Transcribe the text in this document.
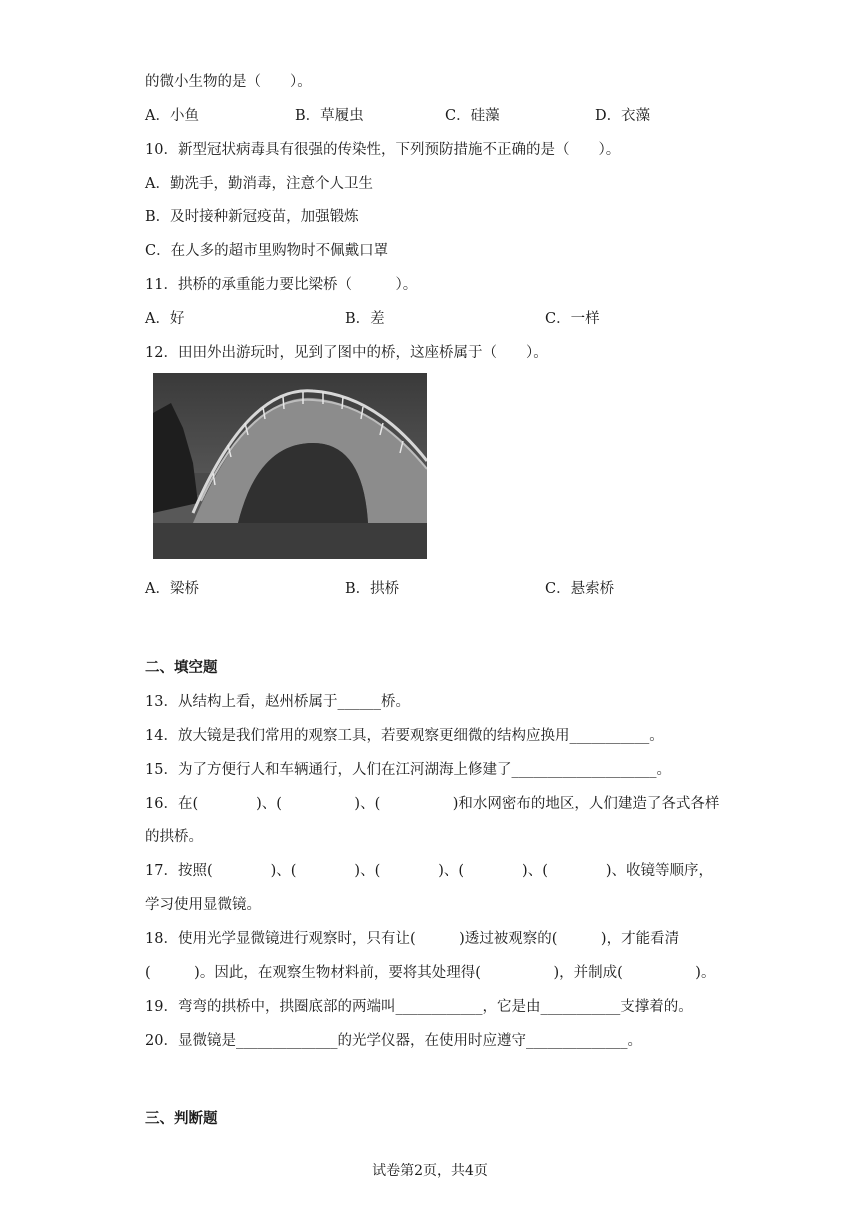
的微小生物的是（　　）。
A．小鱼	B．草履虫	C．硅藻	D．衣藻
10．新型冠状病毒具有很强的传染性，下列预防措施不正确的是（　　）。
A．勤洗手，勤消毒，注意个人卫生
B．及时接种新冠疫苗，加强锻炼
C．在人多的超市里购物时不佩戴口罩
11．拱桥的承重能力要比梁桥（　　　）。
A．好	B．差	C．一样
12．田田外出游玩时，见到了图中的桥，这座桥属于（　　）。
A．梁桥	B．拱桥	C．悬索桥
二、填空题
13．从结构上看，赵州桥属于______桥。
14．放大镜是我们常用的观察工具，若要观察更细微的结构应换用___________。
15．为了方便行人和车辆通行，人们在江河湖海上修建了____________________。
16．在(　　　　)、(　　　　　)、(　　　　　)和水网密布的地区，人们建造了各式各样
的拱桥。
17．按照(　　　　)、(　　　　)、(　　　　)、(　　　　)、(　　　　)、收镜等顺序，
学习使用显微镜。
18．使用光学显微镜进行观察时，只有让(　　　)透过被观察的(　　　)，才能看清
(　　　)。因此，在观察生物材料前，要将其处理得(　　　　　)，并制成(　　　　　)。
19．弯弯的拱桥中，拱圈底部的两端叫____________，它是由___________支撑着的。
20．显微镜是______________的光学仪器，在使用时应遵守______________。
三、判断题
试卷第2页，共4页
